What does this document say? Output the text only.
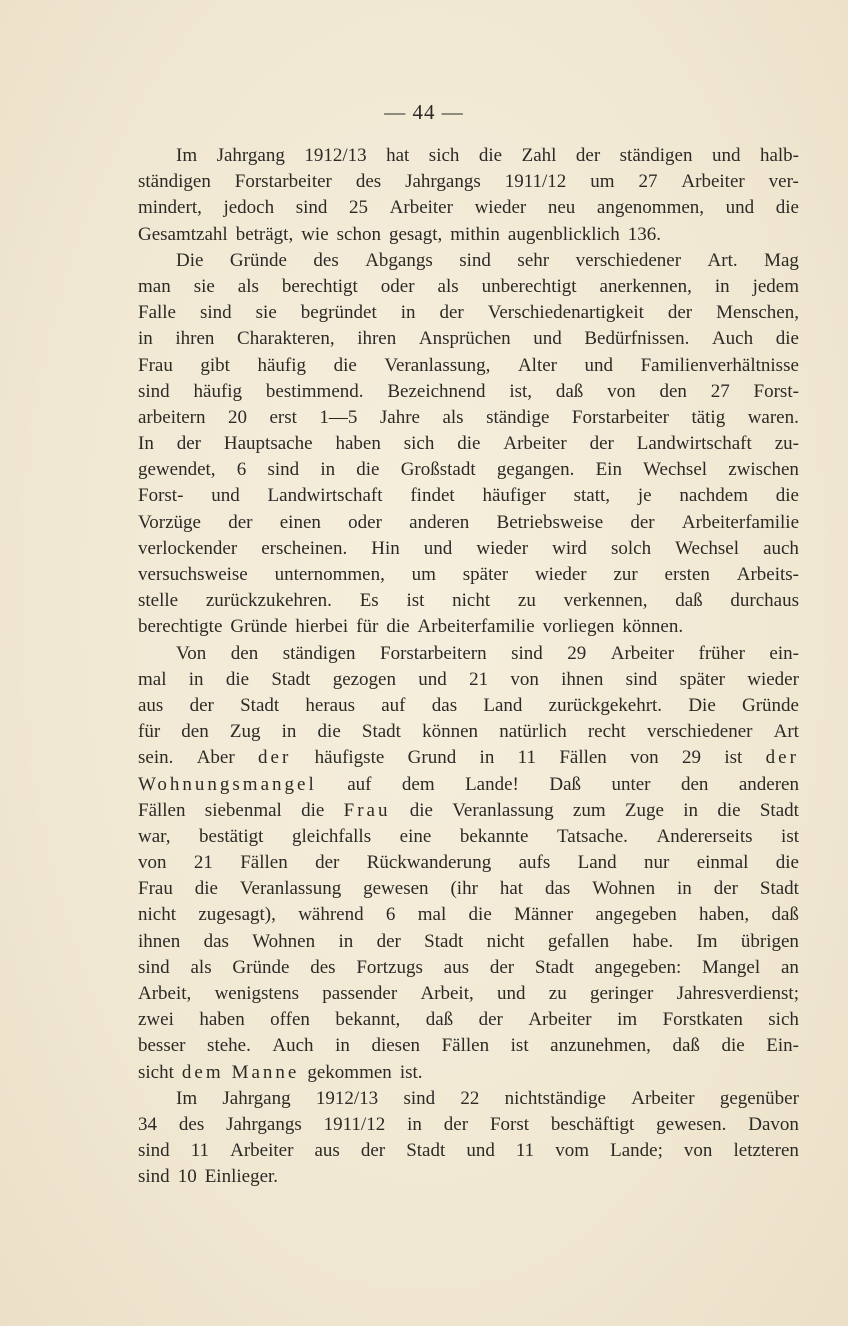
— 44 —
Im Jahrgang 1912/13 hat sich die Zahl der ständigen und halb-
ständigen Forstarbeiter des Jahrgangs 1911/12 um 27 Arbeiter ver-
mindert, jedoch sind 25 Arbeiter wieder neu angenommen, und die
Gesamtzahl beträgt, wie schon gesagt, mithin augenblicklich 136.
Die Gründe des Abgangs sind sehr verschiedener Art. Mag
man sie als berechtigt oder als unberechtigt anerkennen, in jedem
Falle sind sie begründet in der Verschiedenartigkeit der Menschen,
in ihren Charakteren, ihren Ansprüchen und Bedürfnissen. Auch die
Frau gibt häufig die Veranlassung, Alter und Familienverhältnisse
sind häufig bestimmend. Bezeichnend ist, daß von den 27 Forst-
arbeitern 20 erst 1—5 Jahre als ständige Forstarbeiter tätig waren.
In der Hauptsache haben sich die Arbeiter der Landwirtschaft zu-
gewendet, 6 sind in die Großstadt gegangen. Ein Wechsel zwischen
Forst- und Landwirtschaft findet häufiger statt, je nachdem die
Vorzüge der einen oder anderen Betriebsweise der Arbeiterfamilie
verlockender erscheinen. Hin und wieder wird solch Wechsel auch
versuchsweise unternommen, um später wieder zur ersten Arbeits-
stelle zurückzukehren. Es ist nicht zu verkennen, daß durchaus
berechtigte Gründe hierbei für die Arbeiterfamilie vorliegen können.
Von den ständigen Forstarbeitern sind 29 Arbeiter früher ein-
mal in die Stadt gezogen und 21 von ihnen sind später wieder
aus der Stadt heraus auf das Land zurückgekehrt. Die Gründe
für den Zug in die Stadt können natürlich recht verschiedener Art
sein. Aber der häufigste Grund in 11 Fällen von 29 ist der
Wohnungsmangel auf dem Lande! Daß unter den anderen
Fällen siebenmal die Frau die Veranlassung zum Zuge in die Stadt
war, bestätigt gleichfalls eine bekannte Tatsache. Andererseits ist
von 21 Fällen der Rückwanderung aufs Land nur einmal die
Frau die Veranlassung gewesen (ihr hat das Wohnen in der Stadt
nicht zugesagt), während 6 mal die Männer angegeben haben, daß
ihnen das Wohnen in der Stadt nicht gefallen habe. Im übrigen
sind als Gründe des Fortzugs aus der Stadt angegeben: Mangel an
Arbeit, wenigstens passender Arbeit, und zu geringer Jahresverdienst;
zwei haben offen bekannt, daß der Arbeiter im Forstkaten sich
besser stehe. Auch in diesen Fällen ist anzunehmen, daß die Ein-
sicht dem Manne gekommen ist.
Im Jahrgang 1912/13 sind 22 nichtständige Arbeiter gegenüber
34 des Jahrgangs 1911/12 in der Forst beschäftigt gewesen. Davon
sind 11 Arbeiter aus der Stadt und 11 vom Lande; von letzteren
sind 10 Einlieger.
